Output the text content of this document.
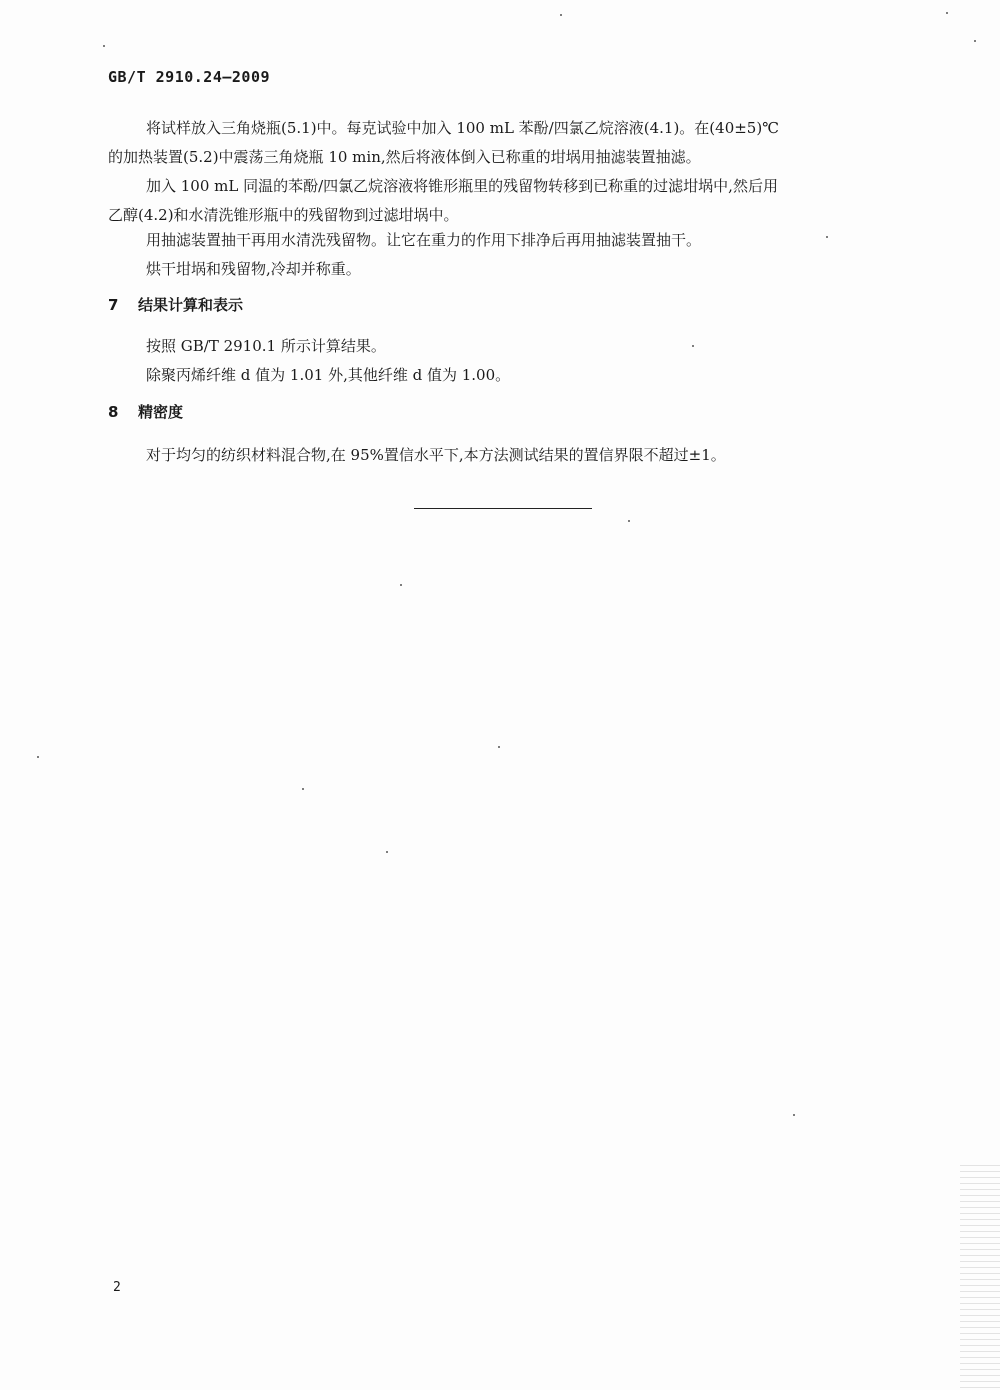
GB/T 2910.24—2009
将试样放入三角烧瓶(5.1)中。每克试验中加入 100 mL 苯酚/四氯乙烷溶液(4.1)。在(40±5)℃
的加热装置(5.2)中震荡三角烧瓶 10 min,然后将液体倒入已称重的坩埚用抽滤装置抽滤。
加入 100 mL 同温的苯酚/四氯乙烷溶液将锥形瓶里的残留物转移到已称重的过滤坩埚中,然后用
乙醇(4.2)和水清洗锥形瓶中的残留物到过滤坩埚中。
用抽滤装置抽干再用水清洗残留物。让它在重力的作用下排净后再用抽滤装置抽干。
烘干坩埚和残留物,冷却并称重。
7 结果计算和表示
按照 GB/T 2910.1 所示计算结果。
除聚丙烯纤维 d 值为 1.01 外,其他纤维 d 值为 1.00。
8 精密度
对于均匀的纺织材料混合物,在 95%置信水平下,本方法测试结果的置信界限不超过±1。
2
